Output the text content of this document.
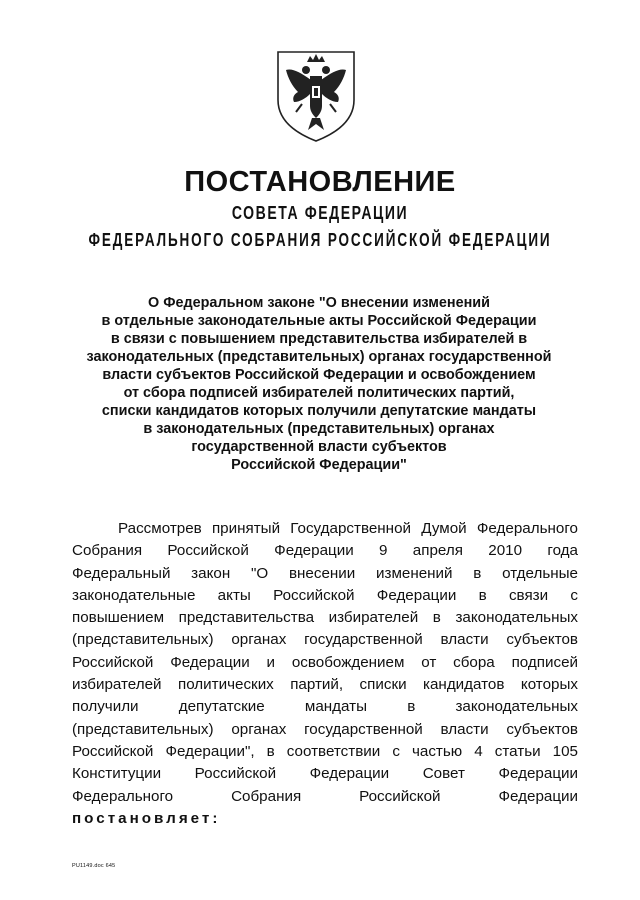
ПОСТАНОВЛЕНИЕ
СОВЕТА ФЕДЕРАЦИИ
ФЕДЕРАЛЬНОГО СОБРАНИЯ РОССИЙСКОЙ ФЕДЕРАЦИИ
О Федеральном законе "О внесении изменений
в отдельные законодательные акты Российской Федерации
в связи с повышением представительства избирателей в
законодательных (представительных) органах государственной
власти субъектов Российской Федерации и освобождением
от сбора подписей избирателей политических партий,
списки кандидатов которых получили депутатские мандаты
в законодательных (представительных) органах
государственной власти субъектов
Российской Федерации"
Рассмотрев принятый Государственной Думой Федерального
Собрания Российской Федерации 9 апреля 2010 года
Федеральный закон "О внесении изменений в отдельные
законодательные акты Российской Федерации в связи с
повышением представительства избирателей в законодательных
(представительных) органах государственной власти субъектов
Российской Федерации и освобождением от сбора подписей
избирателей политических партий, списки кандидатов которых
получили депутатские мандаты в законодательных
(представительных) органах государственной власти субъектов
Российской Федерации", в соответствии с частью 4 статьи 105
Конституции Российской Федерации Совет Федерации
Федерального Собрания Российской Федерации
постановляет:
PU1149.doc 645
